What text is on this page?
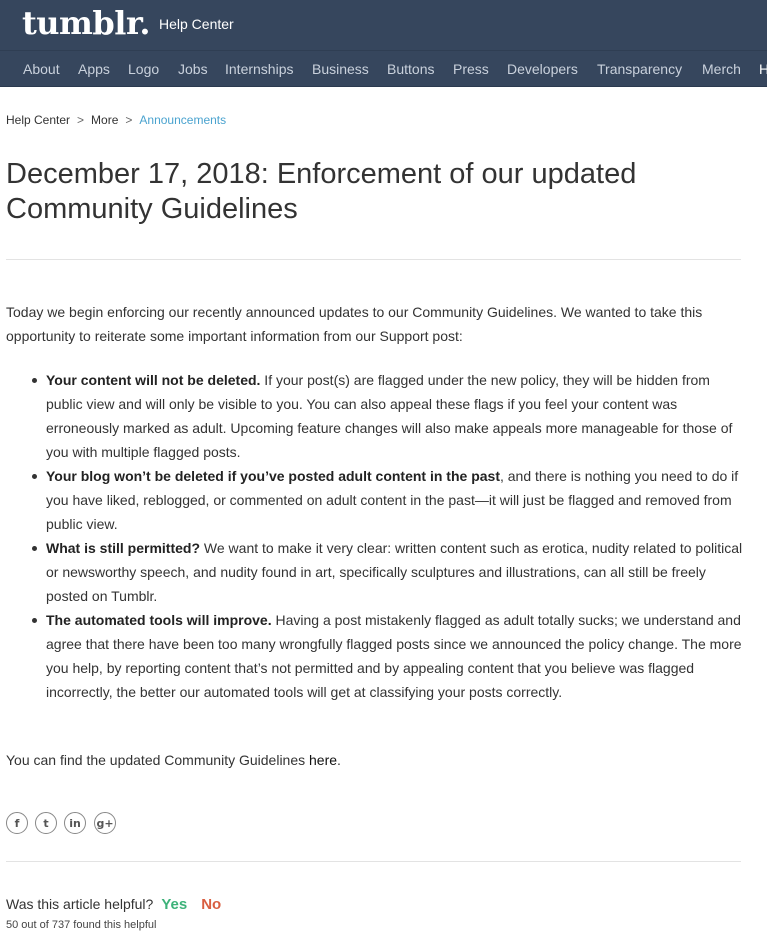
tumblr. Help Center
About Apps Logo Jobs Internships Business Buttons Press Developers Transparency Merch H
Help Center > More > Announcements
December 17, 2018: Enforcement of our updated Community Guidelines

Today we begin enforcing our recently announced updates to our Community Guidelines. We wanted to take this opportunity to reiterate some important information from our Support post:

Your content will not be deleted. If your post(s) are flagged under the new policy, they will be hidden from public view and will only be visible to you. You can also appeal these flags if you feel your content was erroneously marked as adult. Upcoming feature changes will also make appeals more manageable for those of you with multiple flagged posts.
Your blog won’t be deleted if you’ve posted adult content in the past, and there is nothing you need to do if you have liked, reblogged, or commented on adult content in the past—it will just be flagged and removed from public view.
What is still permitted? We want to make it very clear: written content such as erotica, nudity related to political or newsworthy speech, and nudity found in art, specifically sculptures and illustrations, can all still be freely posted on Tumblr.
The automated tools will improve. Having a post mistakenly flagged as adult totally sucks; we understand and agree that there have been too many wrongfully flagged posts since we announced the policy change. The more you help, by reporting content that’s not permitted and by appealing content that you believe was flagged incorrectly, the better our automated tools will get at classifying your posts correctly.

You can find the updated Community Guidelines here.

f	t	in	g+
Was this article helpful? Yes No
50 out of 737 found this helpful
